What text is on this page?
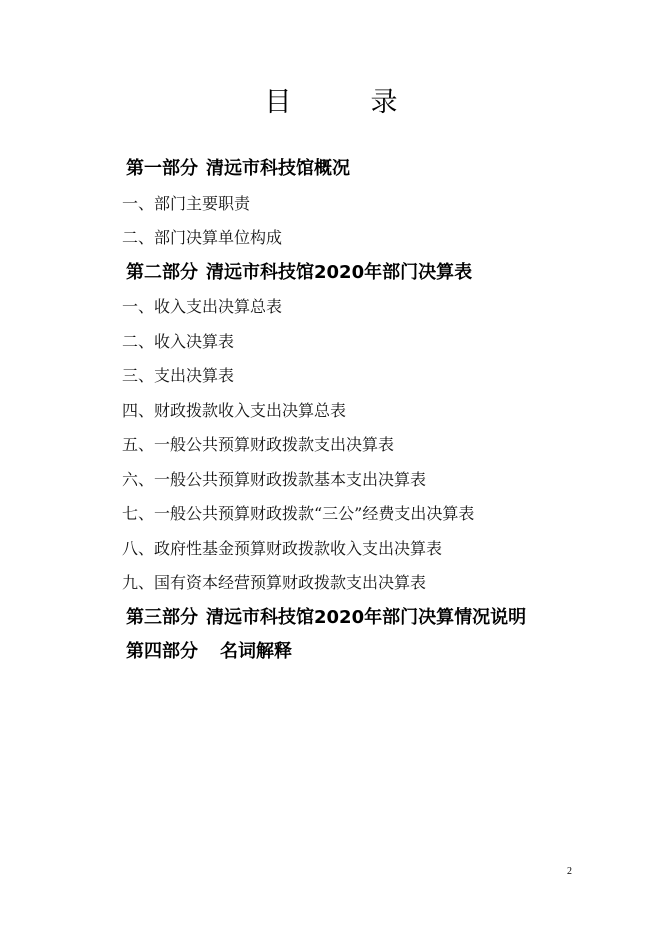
目	录
第一部分 清远市科技馆概况
一、部门主要职责
二、部门决算单位构成
第二部分 清远市科技馆2020年部门决算表
一、收入支出决算总表
二、收入决算表
三、支出决算表
四、财政拨款收入支出决算总表
五、一般公共预算财政拨款支出决算表
六、一般公共预算财政拨款基本支出决算表
七、一般公共预算财政拨款“三公”经费支出决算表
八、政府性基金预算财政拨款收入支出决算表
九、国有资本经营预算财政拨款支出决算表
第三部分 清远市科技馆2020年部门决算情况说明
第四部分 名词解释
2
